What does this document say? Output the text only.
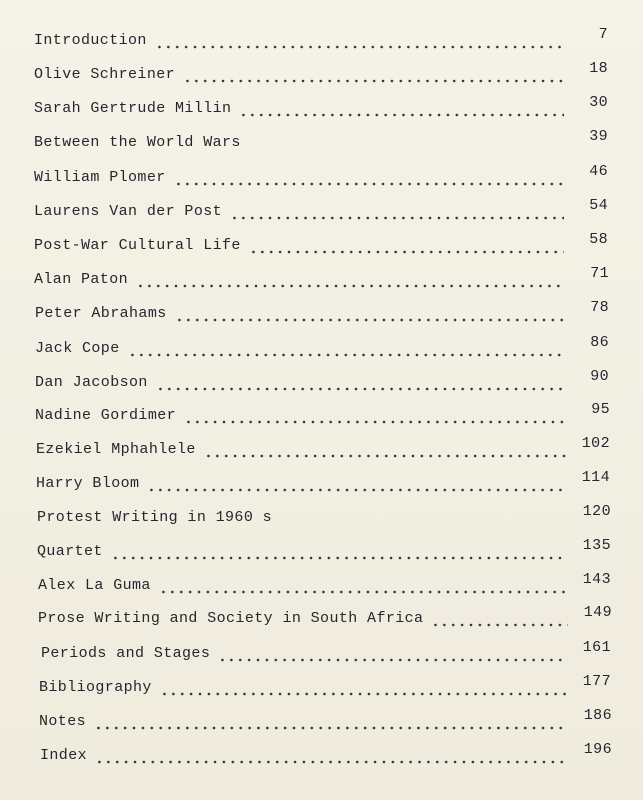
Introduction	7
Olive Schreiner	18
Sarah Gertrude Millin	30
Between the World Wars	39
William Plomer	46
Laurens Van der Post	54
Post-War Cultural Life	58
Alan Paton	71
Peter Abrahams	78
Jack Cope	86
Dan Jacobson	90
Nadine Gordimer	95
Ezekiel Mphahlele	102
Harry Bloom	114
Protest Writing in 1960 s	120
Quartet	135
Alex La Guma	143
Prose Writing and Society in South Africa	149
Periods and Stages	161
Bibliography	177
Notes	186
Index	196
